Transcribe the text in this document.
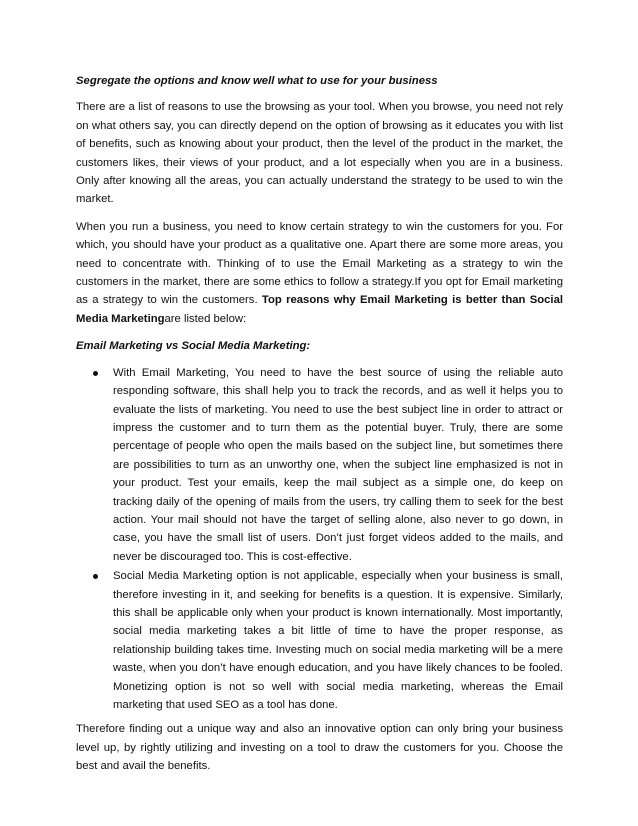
Segregate the options and know well what to use for your business

There are a list of reasons to use the browsing as your tool. When you browse, you need not rely on what others say, you can directly depend on the option of browsing as it educates you with list of benefits, such as knowing about your product, then the level of the product in the market, the customers likes, their views of your product, and a lot especially when you are in a business. Only after knowing all the areas, you can actually understand the strategy to be used to win the market.

When you run a business, you need to know certain strategy to win the customers for you. For which, you should have your product as a qualitative one. Apart there are some more areas, you need to concentrate with. Thinking of to use the Email Marketing as a strategy to win the customers in the market, there are some ethics to follow a strategy.If you opt for Email marketing as a strategy to win the customers. Top reasons why Email Marketing is better than Social Media Marketingare listed below:

Email Marketing vs Social Media Marketing:

With Email Marketing, You need to have the best source of using the reliable auto responding software, this shall help you to track the records, and as well it helps you to evaluate the lists of marketing. You need to use the best subject line in order to attract or impress the customer and to turn them as the potential buyer. Truly, there are some percentage of people who open the mails based on the subject line, but sometimes there are possibilities to turn as an unworthy one, when the subject line emphasized is not in your product. Test your emails, keep the mail subject as a simple one, do keep on tracking daily of the opening of mails from the users, try calling them to seek for the best action. Your mail should not have the target of selling alone, also never to go down, in case, you have the small list of users. Don’t just forget videos added to the mails, and never be discouraged too. This is cost-effective.
Social Media Marketing option is not applicable, especially when your business is small, therefore investing in it, and seeking for benefits is a question. It is expensive. Similarly, this shall be applicable only when your product is known internationally. Most importantly, social media marketing takes a bit little of time to have the proper response, as relationship building takes time. Investing much on social media marketing will be a mere waste, when you don’t have enough education, and you have likely chances to be fooled. Monetizing option is not so well with social media marketing, whereas the Email marketing that used SEO as a tool has done.

Therefore finding out a unique way and also an innovative option can only bring your business level up, by rightly utilizing and investing on a tool to draw the customers for you. Choose the best and avail the benefits.
